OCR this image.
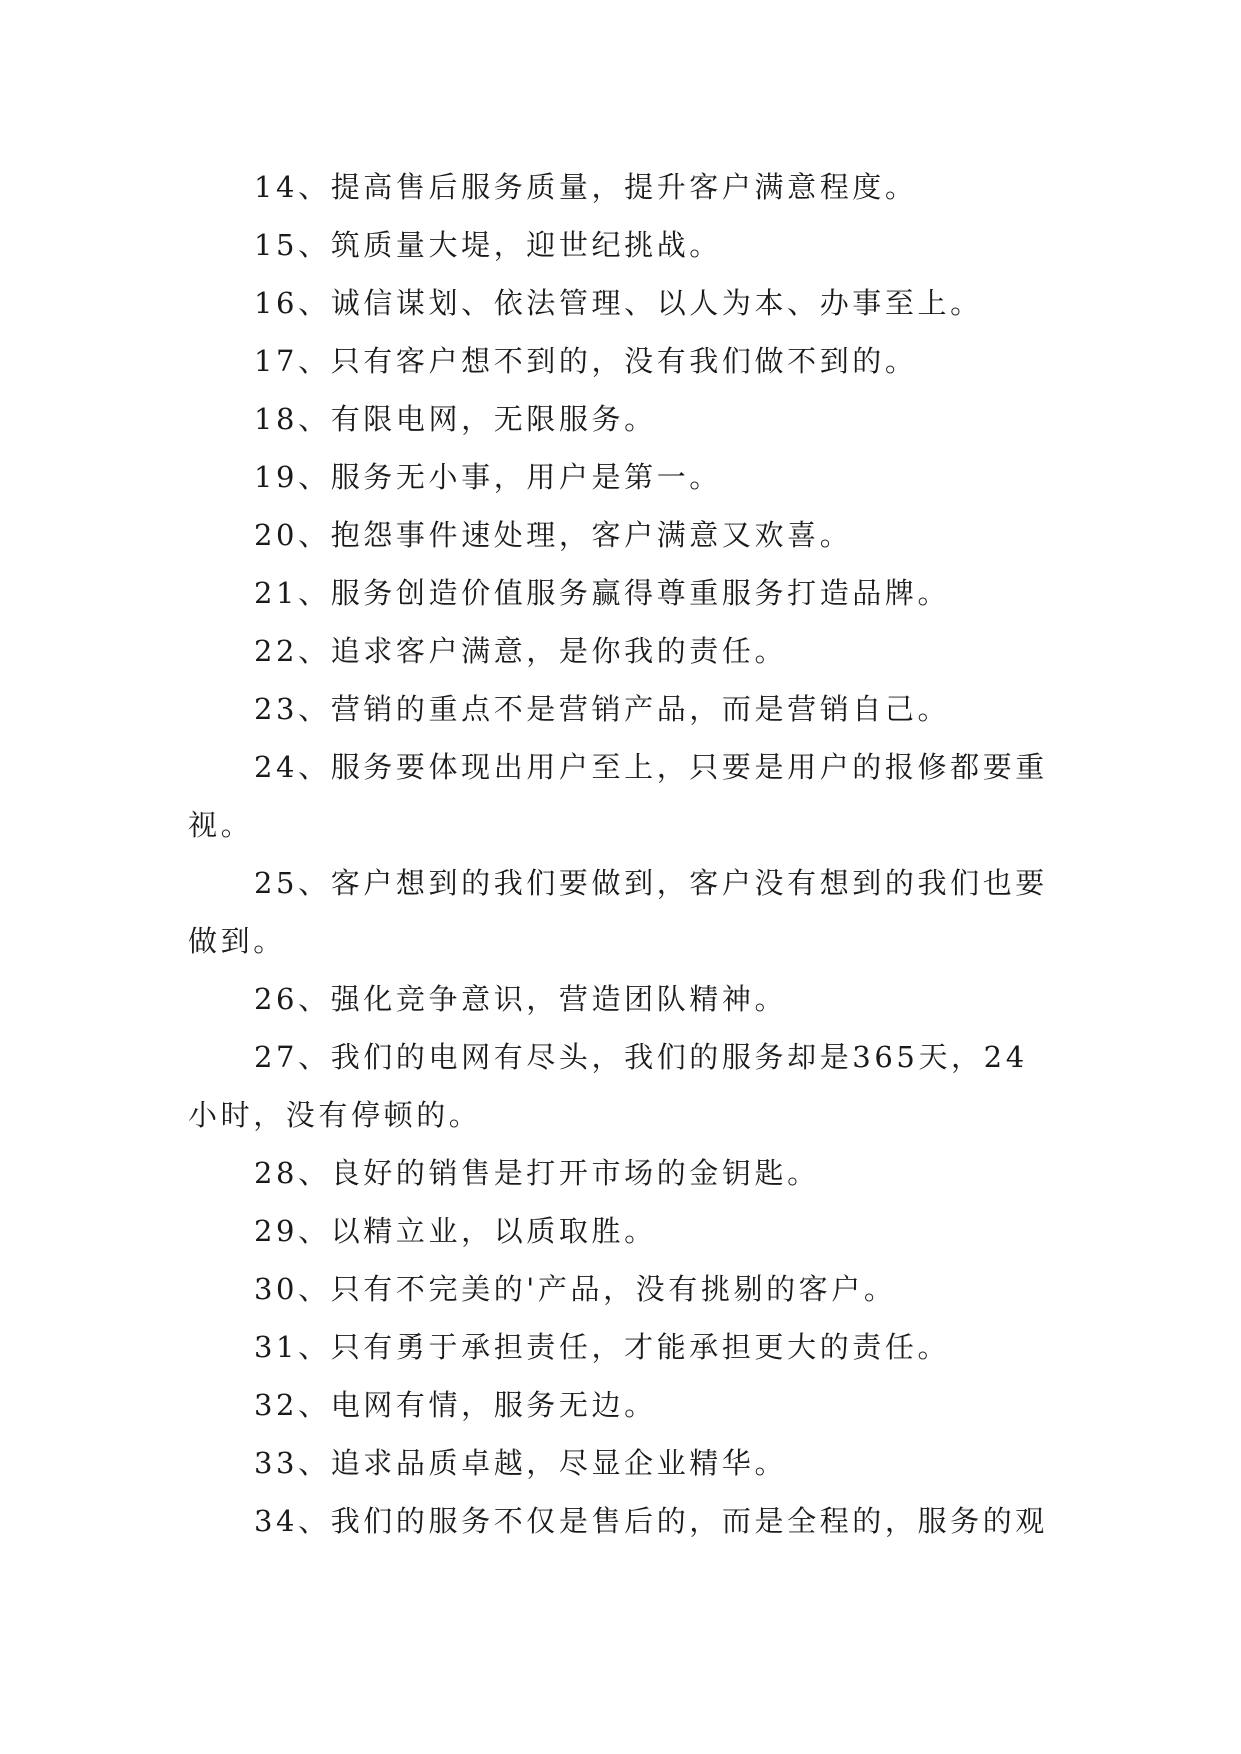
14、提高售后服务质量，提升客户满意程度。

15、筑质量大堤，迎世纪挑战。

16、诚信谋划、依法管理、以人为本、办事至上。

17、只有客户想不到的，没有我们做不到的。

18、有限电网，无限服务。

19、服务无小事，用户是第一。

20、抱怨事件速处理，客户满意又欢喜。

21、服务创造价值服务赢得尊重服务打造品牌。

22、追求客户满意，是你我的责任。

23、营销的重点不是营销产品，而是营销自己。

24、服务要体现出用户至上，只要是用户的报修都要重视。

25、客户想到的我们要做到，客户没有想到的我们也要做到。

26、强化竞争意识，营造团队精神。

27、我们的电网有尽头，我们的服务却是365天，24小时，没有停顿的。

28、良好的销售是打开市场的金钥匙。

29、以精立业，以质取胜。

30、只有不完美的'产品，没有挑剔的客户。

31、只有勇于承担责任，才能承担更大的责任。

32、电网有情，服务无边。

33、追求品质卓越，尽显企业精华。

34、我们的服务不仅是售后的，而是全程的，服务的观
